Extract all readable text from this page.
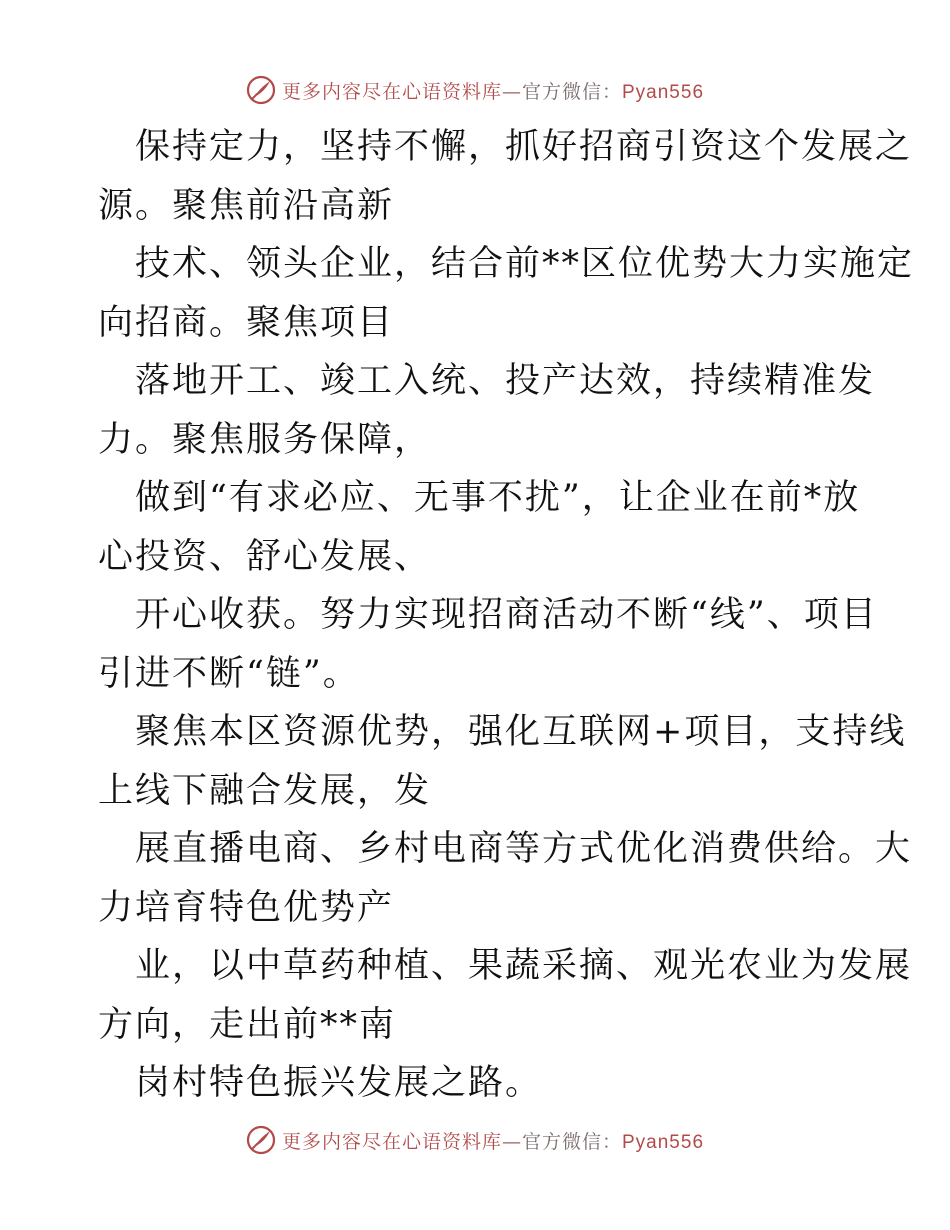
更多内容尽在心语资料库—官方微信：Pyan556
保持定力，坚持不懈，抓好招商引资这个发展之
源。聚焦前沿高新
技术、领头企业，结合前**区位优势大力实施定
向招商。聚焦项目
落地开工、竣工入统、投产达效，持续精准发
力。聚焦服务保障，
做到“有求必应、无事不扰”，让企业在前*放
心投资、舒心发展、
开心收获。努力实现招商活动不断“线”、项目
引进不断“链”。
聚焦本区资源优势，强化互联网+项目，支持线
上线下融合发展，发
展直播电商、乡村电商等方式优化消费供给。大
力培育特色优势产
业，以中草药种植、果蔬采摘、观光农业为发展
方向，走出前**南
岗村特色振兴发展之路。
更多内容尽在心语资料库—官方微信：Pyan556
